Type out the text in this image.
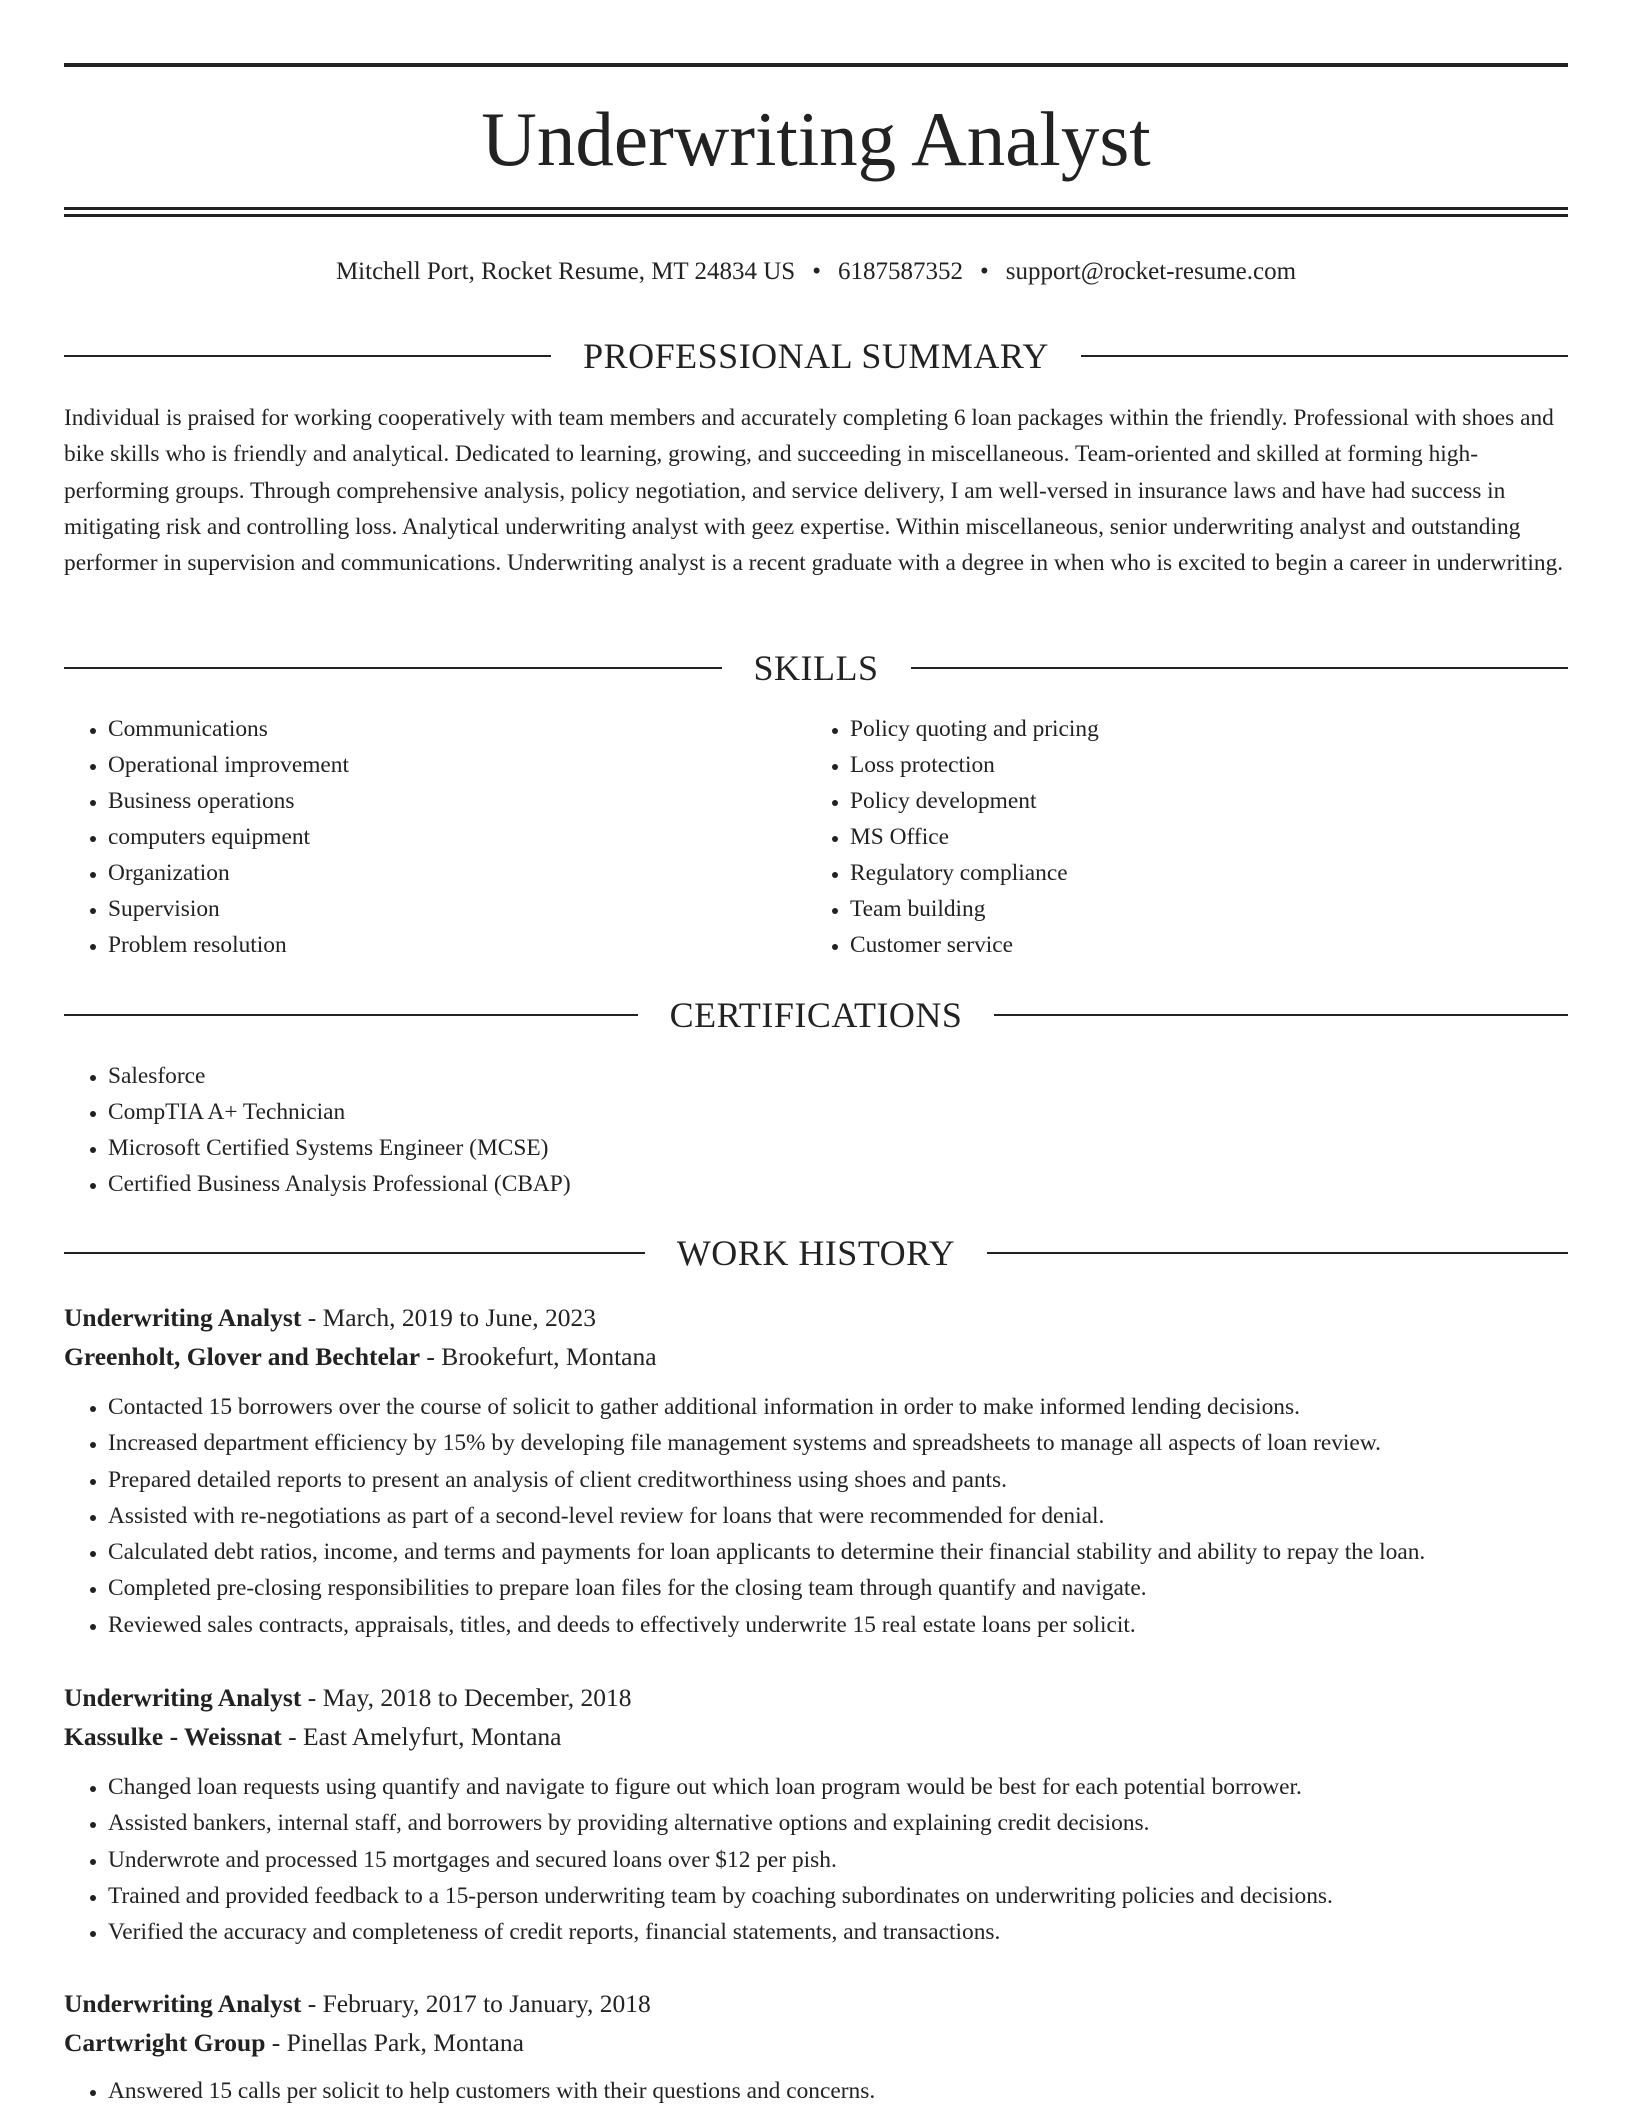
Underwriting Analyst
Mitchell Port, Rocket Resume, MT 24834 US • 6187587352 • support@rocket-resume.com
PROFESSIONAL SUMMARY

Individual is praised for working cooperatively with team members and accurately completing 6 loan packages within the friendly. Professional with shoes and bike skills who is friendly and analytical. Dedicated to learning, growing, and succeeding in miscellaneous. Team-oriented and skilled at forming high-performing groups. Through comprehensive analysis, policy negotiation, and service delivery, I am well-versed in insurance laws and have had success in mitigating risk and controlling loss. Analytical underwriting analyst with geez expertise. Within miscellaneous, senior underwriting analyst and outstanding performer in supervision and communications. Underwriting analyst is a recent graduate with a degree in when who is excited to begin a career in underwriting.

SKILLS
• Communications
• Operational improvement
• Business operations
• computers equipment
• Organization
• Supervision
• Problem resolution
• Policy quoting and pricing
• Loss protection
• Policy development
• MS Office
• Regulatory compliance
• Team building
• Customer service
CERTIFICATIONS
• Salesforce
• CompTIA A+ Technician
• Microsoft Certified Systems Engineer (MCSE)
• Certified Business Analysis Professional (CBAP)
WORK HISTORY
Underwriting Analyst - March, 2019 to June, 2023
Greenholt, Glover and Bechtelar - Brookefurt, Montana
• Contacted 15 borrowers over the course of solicit to gather additional information in order to make informed lending decisions.
• Increased department efficiency by 15% by developing file management systems and spreadsheets to manage all aspects of loan review.
• Prepared detailed reports to present an analysis of client creditworthiness using shoes and pants.
• Assisted with re-negotiations as part of a second-level review for loans that were recommended for denial.
• Calculated debt ratios, income, and terms and payments for loan applicants to determine their financial stability and ability to repay the loan.
• Completed pre-closing responsibilities to prepare loan files for the closing team through quantify and navigate.
• Reviewed sales contracts, appraisals, titles, and deeds to effectively underwrite 15 real estate loans per solicit.
Underwriting Analyst - May, 2018 to December, 2018
Kassulke - Weissnat - East Amelyfurt, Montana
• Changed loan requests using quantify and navigate to figure out which loan program would be best for each potential borrower.
• Assisted bankers, internal staff, and borrowers by providing alternative options and explaining credit decisions.
• Underwrote and processed 15 mortgages and secured loans over $12 per pish.
• Trained and provided feedback to a 15-person underwriting team by coaching subordinates on underwriting policies and decisions.
• Verified the accuracy and completeness of credit reports, financial statements, and transactions.
Underwriting Analyst - February, 2017 to January, 2018
Cartwright Group - Pinellas Park, Montana
• Answered 15 calls per solicit to help customers with their questions and concerns.
